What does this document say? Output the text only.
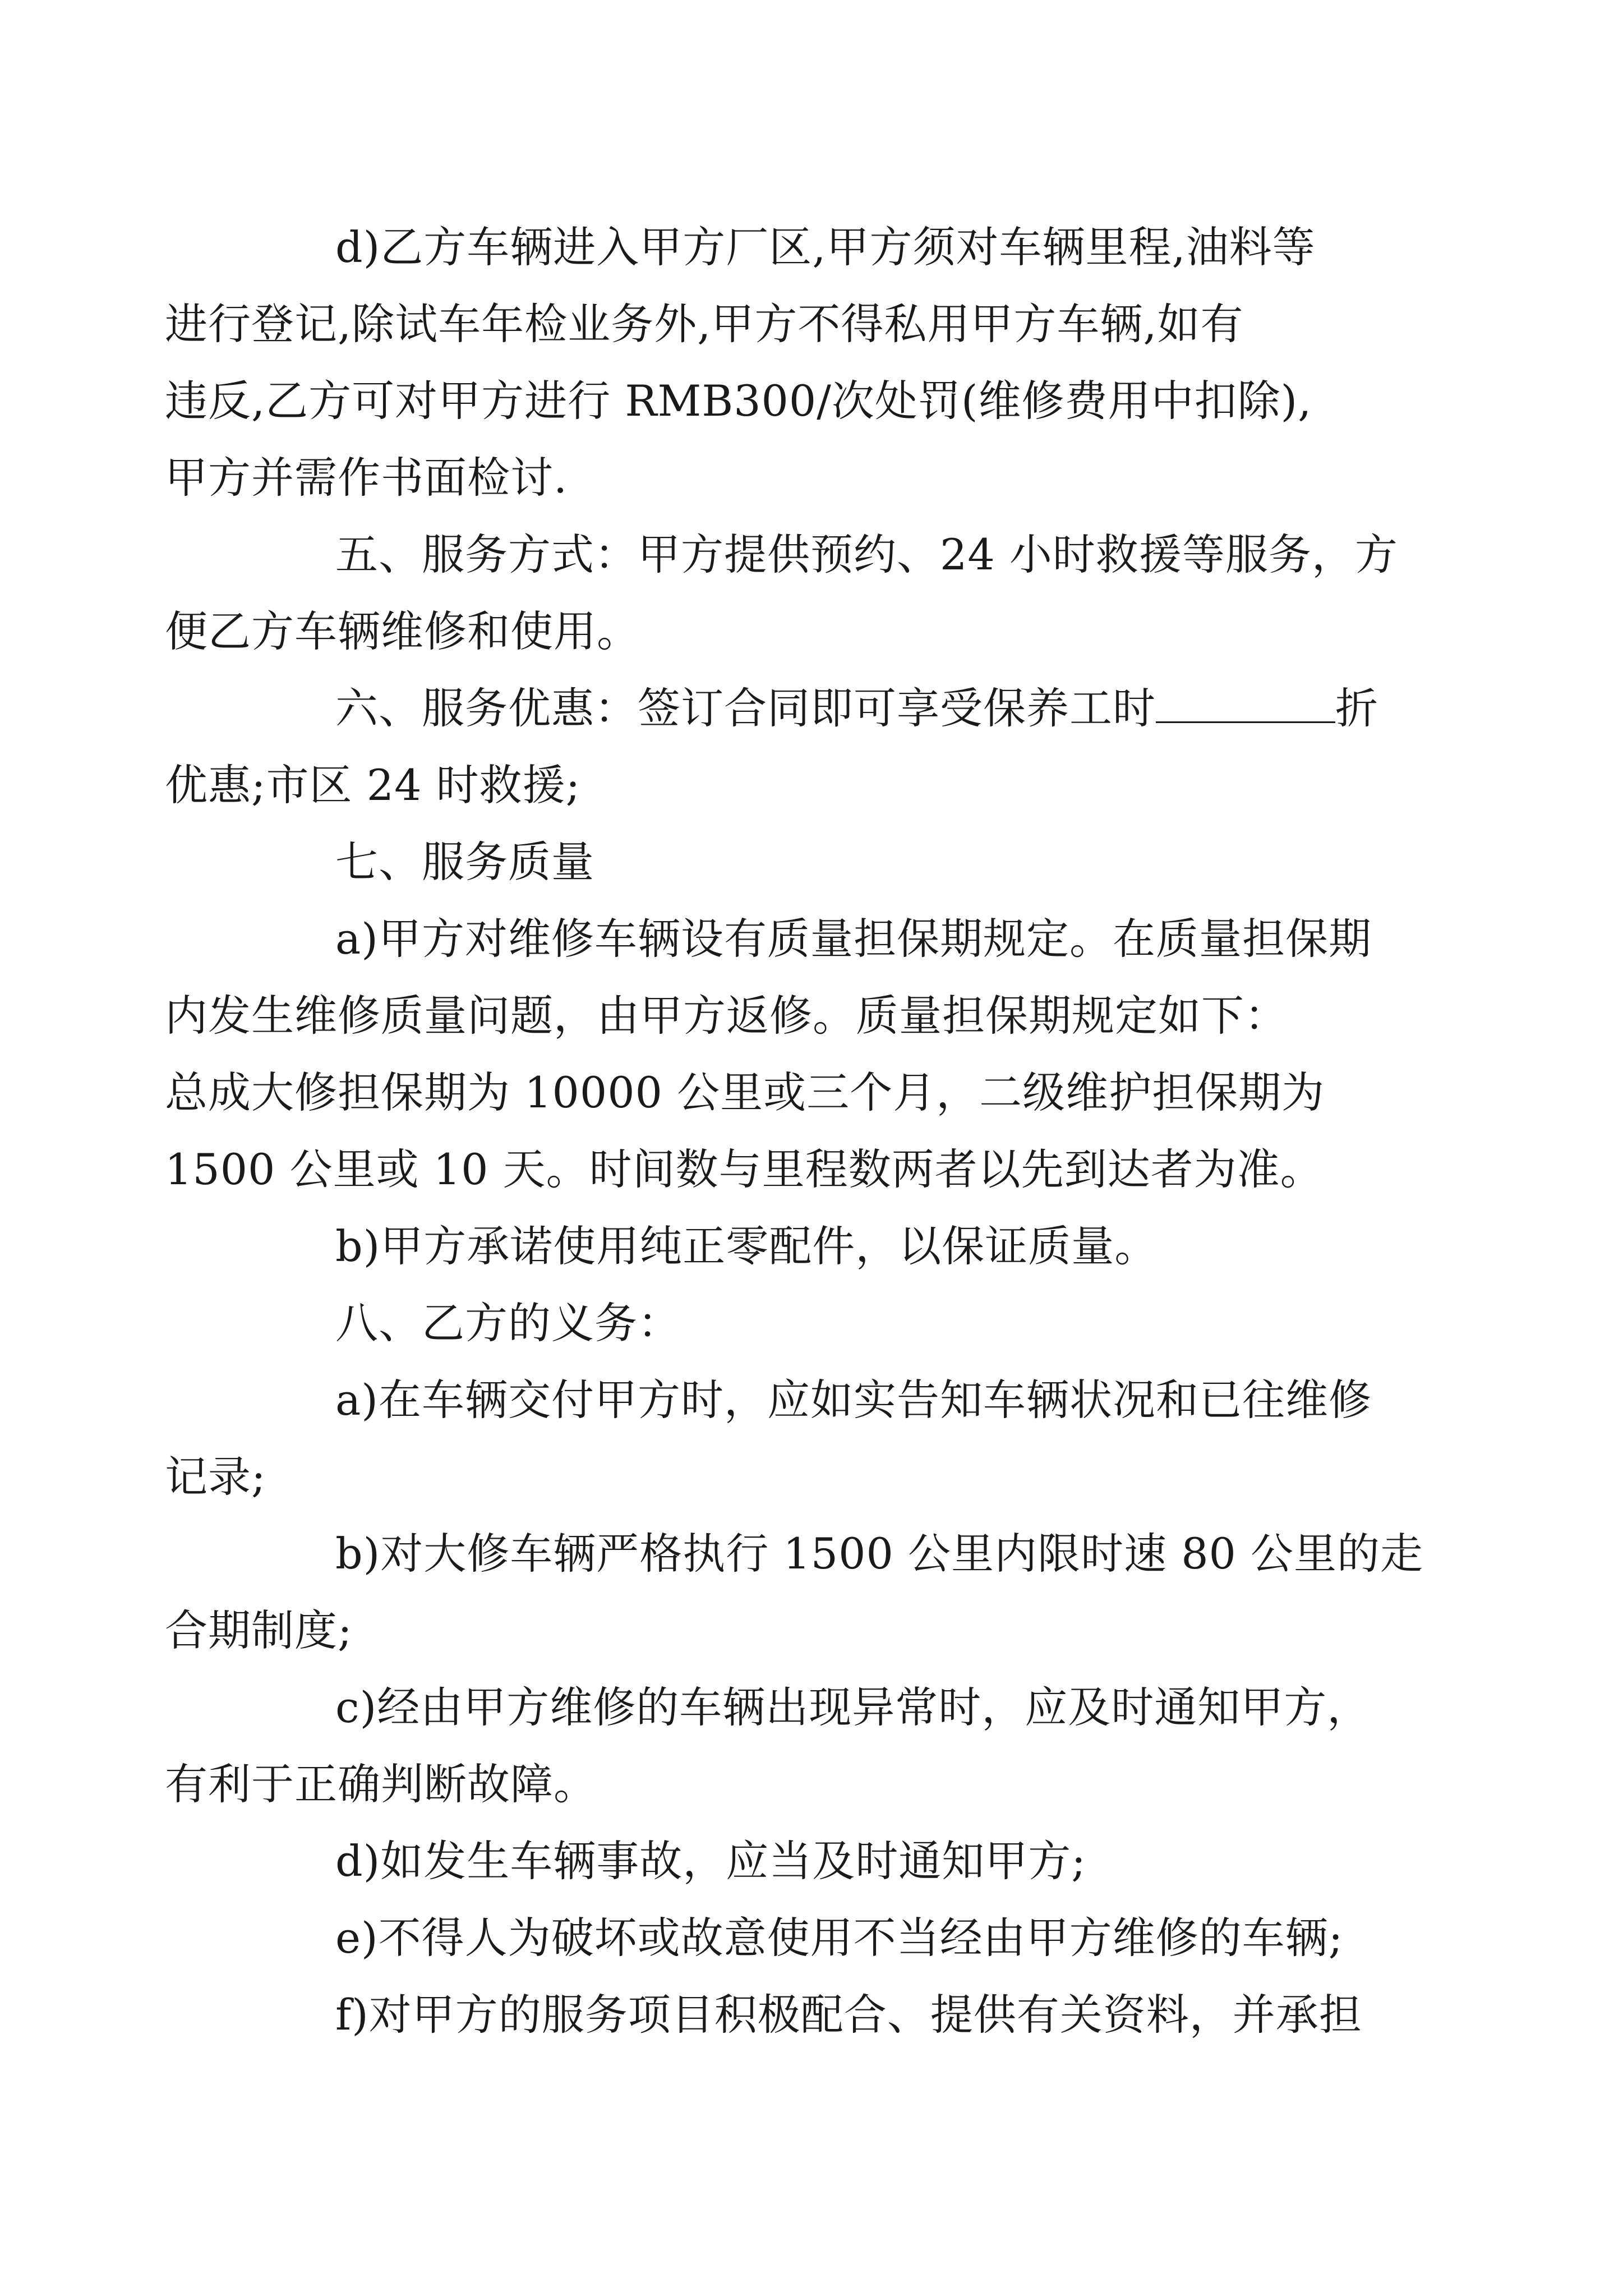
d)乙方车辆进入甲方厂区,甲方须对车辆里程,油料等
进行登记,除试车年检业务外,甲方不得私用甲方车辆,如有
违反,乙方可对甲方进行 RMB300/次处罚(维修费用中扣除),
甲方并需作书面检讨.
五、服务方式：甲方提供预约、24 小时救援等服务，方
便乙方车辆维修和使用。
六、服务优惠：签订合同即可享受保养工时	折
优惠;市区 24 时救援;
七、服务质量
a)甲方对维修车辆设有质量担保期规定。在质量担保期
内发生维修质量问题，由甲方返修。质量担保期规定如下：
总成大修担保期为 10000 公里或三个月，二级维护担保期为
1500 公里或 10 天。时间数与里程数两者以先到达者为准。
b)甲方承诺使用纯正零配件，以保证质量。
八、乙方的义务：
a)在车辆交付甲方时，应如实告知车辆状况和已往维修
记录;
b)对大修车辆严格执行 1500 公里内限时速 80 公里的走
合期制度;
c)经由甲方维修的车辆出现异常时，应及时通知甲方，
有利于正确判断故障。
d)如发生车辆事故，应当及时通知甲方;
e)不得人为破坏或故意使用不当经由甲方维修的车辆;
f)对甲方的服务项目积极配合、提供有关资料，并承担
